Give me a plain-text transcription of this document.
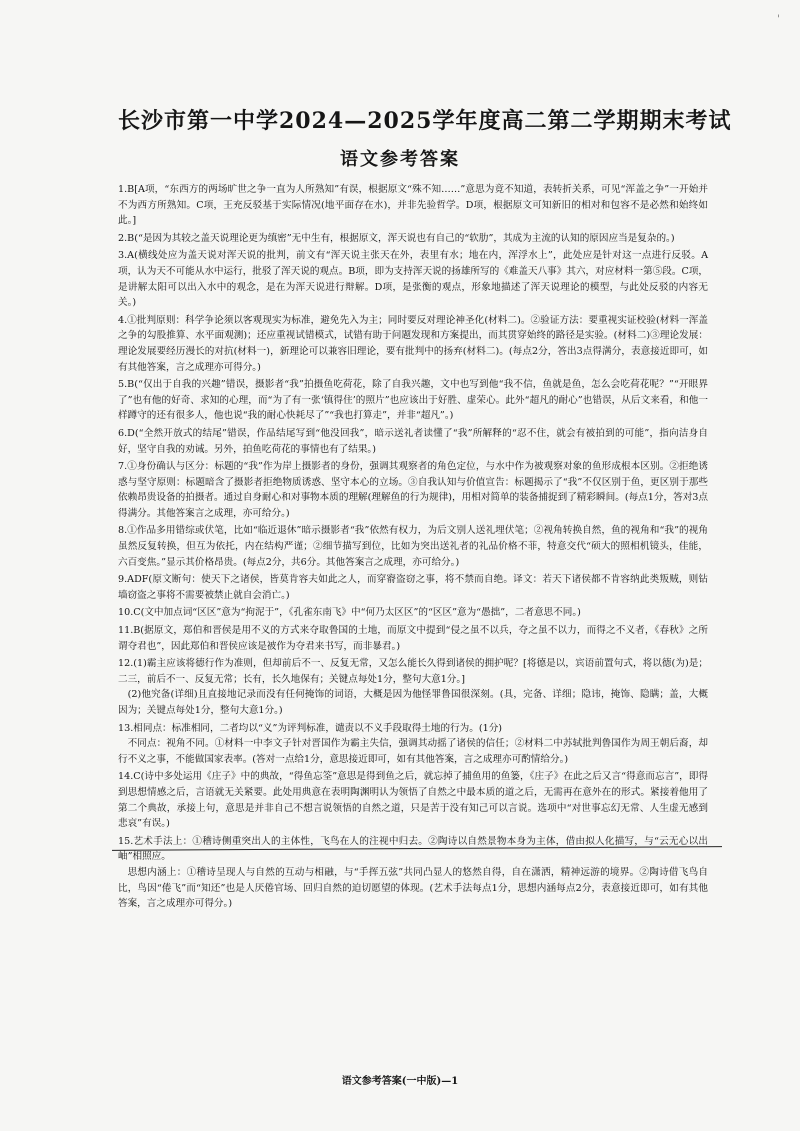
'
长沙市第一中学2024—2025学年度高二第二学期期末考试
语文参考答案

1.B[A项，“东西方的两场旷世之争一直为人所熟知”有误，根据原文“殊不知……”意思为竟不知道，表转折关系，可见“浑盖之争”一开始并不为西方所熟知。C项，王充反驳基于实际情况(地平面存在水)，并非先验哲学。D项，根据原文可知新旧的相对和包容不是必然和始终如此。]

2.B(“是因为其较之盖天说理论更为缜密”无中生有，根据原文，浑天说也有自己的“软肋”，其成为主流的认知的原因应当是复杂的。)

3.A(横线处应为盖天说对浑天说的批判，前文有“浑天说主张天在外，表里有水；地在内，浑浮水上”，此处应是针对这一点进行反驳。A项，认为天不可能从水中运行，批驳了浑天说的观点。B项，即为支持浑天说的扬雄所写的《难盖天八事》其六，对应材料一第⑤段。C项，是讲解太阳可以出入水中的观念，是在为浑天说进行辩解。D项，是张衡的观点，形象地描述了浑天说理论的模型，与此处反驳的内容无关。)

4.①批判原则：科学争论须以客观现实为标准，避免先入为主；同时要反对理论神圣化(材料二)。②验证方法：要重视实证校验(材料一浑盖之争的勾股推算、水平面观测)；还应重视试错模式，试错有助于问题发现和方案提出，而其贯穿始终的路径是实验。(材料二)③理论发展：理论发展要经历漫长的对抗(材料一)，新理论可以兼容旧理论，要有批判中的扬弃(材料二)。(每点2分，答出3点得满分，表意接近即可，如有其他答案，言之成理亦可得分。)

5.B(“仅出于自我的兴趣”错误，摄影者“我”拍摄鱼吃荷花，除了自我兴趣，文中也写到他“我不信，鱼就是鱼，怎么会吃荷花呢？”“开眼界了”也有他的好奇、求知的心理，而“为了有一张‘镇得住’的照片”也应该出于好胜、虚荣心。此外“超凡的耐心”也错误，从后文来看，和他一样蹲守的还有很多人，他也说“我的耐心快耗尽了”“我也打算走”，并非“超凡”。)

6.D(“全然开放式的结尾”错误，作品结尾写到“他没回我”，暗示送礼者读懂了“我”所解释的“忍不住，就会有被拍到的可能”，指向洁身自好，坚守自我的劝诫。另外，拍鱼吃荷花的事情也有了结果。)

7.①身份确认与区分：标题的“我”作为岸上摄影者的身份，强调其观察者的角色定位，与水中作为被观察对象的鱼形成根本区别。②拒绝诱惑与坚守原则：标题暗含了摄影者拒绝物质诱惑、坚守本心的立场。③自我认知与价值宣告：标题揭示了“我”不仅区别于鱼，更区别于那些依赖昂贵设备的拍摄者。通过自身耐心和对事物本质的理解(理解鱼的行为规律)，用相对简单的装备捕捉到了精彩瞬间。(每点1分，答对3点得满分。其他答案言之成理，亦可给分。)

8.①作品多用错综或伏笔，比如“临近退休”暗示摄影者“我”依然有权力，为后文别人送礼埋伏笔；②视角转换自然，鱼的视角和“我”的视角虽然反复转换，但互为依托，内在结构严谨；②细节描写到位，比如为突出送礼者的礼品价格不菲，特意交代“硕大的照相机镜头，佳能，六百变焦。”显示其价格昂贵。(每点2分，共6分。其他答案言之成理，亦可给分。)

9.ADF(原文断句：使天下之诸侯，皆莫肯容夫如此之人，而穿窬盗窃之事，将不禁而自绝。译文：若天下诸侯都不肯容纳此类叛贼，则钻墙窃盗之事将不需要被禁止就自会消亡。)

10.C(文中加点词“区区”意为“拘泥于”，《孔雀东南飞》中“何乃太区区”的“区区”意为“愚拙”，二者意思不同。)

11.B(据原文，郑伯和晋侯是用不义的方式来夺取鲁国的土地，而原文中提到“侵之虽不以兵，夺之虽不以力，而得之不义者，《春秋》之所谓夺君也”，因此郑伯和晋侯应该是被作为夺君来书写，而非暴君。)

12.(1)霸主应该将德行作为准则，但却前后不一、反复无常，又怎么能长久得到诸侯的拥护呢？[将德是以，宾语前置句式，将以德(为)是；二三，前后不一、反复无常；长有，长久地保有；关键点每处1分，整句大意1分。]

(2)他究备(详细)且直接地记录而没有任何掩饰的词语，大概是因为他怪罪鲁国很深刻。(具，完备、详细；隐讳，掩饰、隐瞒；盖，大概因为；关键点每处1分，整句大意1分。)

13.相同点：标准相同，二者均以“义”为评判标准，谴责以不义手段取得土地的行为。(1分)

不同点：视角不同。①材料一中李文子针对晋国作为霸主失信，强调其动摇了诸侯的信任；②材料二中苏轼批判鲁国作为周王朝后裔，却行不义之事，不能做国家表率。(答对一点给1分，意思接近即可，如有其他答案，言之成理亦可酌情给分。)

14.C(诗中多处运用《庄子》中的典故，“得鱼忘筌”意思是得到鱼之后，就忘掉了捕鱼用的鱼篓，《庄子》在此之后又言“得意而忘言”，即得到思想情感之后，言语就无关紧要。此处用典意在表明陶渊明认为领悟了自然之中最本质的道之后，无需再在意外在的形式。紧接着他用了第二个典故，承接上句，意思是并非自己不想言说领悟的自然之道，只是苦于没有知己可以言说。选项中“对世事忘幻无常、人生虚无感到悲哀”有误。)

15.艺术手法上：①稽诗侧重突出人的主体性，飞鸟在人的注视中归去。②陶诗以自然景物本身为主体，借由拟人化描写，与“云无心以出岫”相照应。

思想内涵上：①稽诗呈现人与自然的互动与相融，与“手挥五弦”共同凸显人的悠然自得，自在潇洒，精神远游的境界。②陶诗借飞鸟自比，鸟因“倦飞”而“知还”也是人厌倦官场、回归自然的迫切愿望的体现。(艺术手法每点1分，思想内涵每点2分，表意接近即可，如有其他答案，言之成理亦可得分。)

语文参考答案(一中版)—1
